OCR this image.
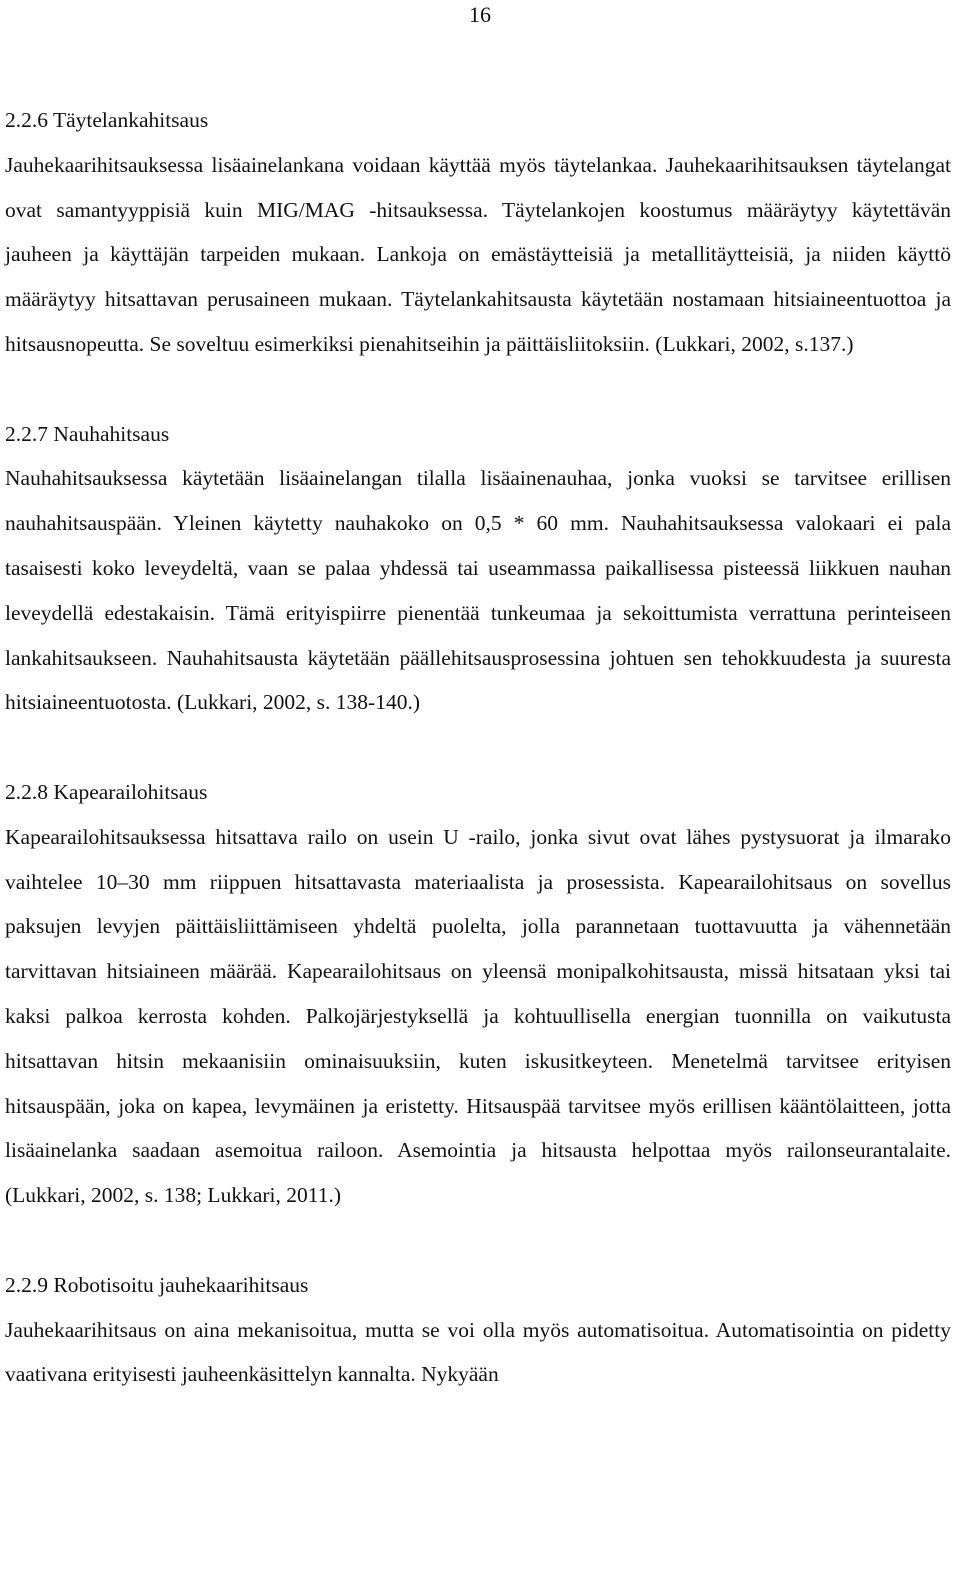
16
2.2.6 Täytelankahitsaus

Jauhekaarihitsauksessa lisäainelankana voidaan käyttää myös täytelankaa. Jauhekaarihitsauksen täytelangat ovat samantyyppisiä kuin MIG/MAG -hitsauksessa. Täytelankojen koostumus määräytyy käytettävän jauheen ja käyttäjän tarpeiden mukaan. Lankoja on emästäytteisiä ja metallitäytteisiä, ja niiden käyttö määräytyy hitsattavan perusaineen mukaan. Täytelankahitsausta käytetään nostamaan hitsiaineentuottoa ja hitsausnopeutta. Se soveltuu esimerkiksi pienahitseihin ja päittäisliitoksiin. (Lukkari, 2002, s.137.)

2.2.7 Nauhahitsaus

Nauhahitsauksessa käytetään lisäainelangan tilalla lisäainenauhaa, jonka vuoksi se tarvitsee erillisen nauhahitsauspään. Yleinen käytetty nauhakoko on 0,5 * 60 mm. Nauhahitsauksessa valokaari ei pala tasaisesti koko leveydeltä, vaan se palaa yhdessä tai useammassa paikallisessa pisteessä liikkuen nauhan leveydellä edestakaisin. Tämä erityispiirre pienentää tunkeumaa ja sekoittumista verrattuna perinteiseen lankahitsaukseen. Nauhahitsausta käytetään päällehitsausprosessina johtuen sen tehokkuudesta ja suuresta hitsiaineentuotosta. (Lukkari, 2002, s. 138-140.)

2.2.8 Kapearailohitsaus

Kapearailohitsauksessa hitsattava railo on usein U -railo, jonka sivut ovat lähes pystysuorat ja ilmarako vaihtelee 10–30 mm riippuen hitsattavasta materiaalista ja prosessista. Kapearailohitsaus on sovellus paksujen levyjen päittäisliittämiseen yhdeltä puolelta, jolla parannetaan tuottavuutta ja vähennetään tarvittavan hitsiaineen määrää. Kapearailohitsaus on yleensä monipalkohitsausta, missä hitsataan yksi tai kaksi palkoa kerrosta kohden. Palkojärjestyksellä ja kohtuullisella energian tuonnilla on vaikutusta hitsattavan hitsin mekaanisiin ominaisuuksiin, kuten iskusitkeyteen. Menetelmä tarvitsee erityisen hitsauspään, joka on kapea, levymäinen ja eristetty. Hitsauspää tarvitsee myös erillisen kääntölaitteen, jotta lisäainelanka saadaan asemoitua railoon. Asemointia ja hitsausta helpottaa myös railonseurantalaite. (Lukkari, 2002, s. 138; Lukkari, 2011.)

2.2.9 Robotisoitu jauhekaarihitsaus

Jauhekaarihitsaus on aina mekanisoitua, mutta se voi olla myös automatisoitua. Automatisointia on pidetty vaativana erityisesti jauheenkäsittelyn kannalta. Nykyään
